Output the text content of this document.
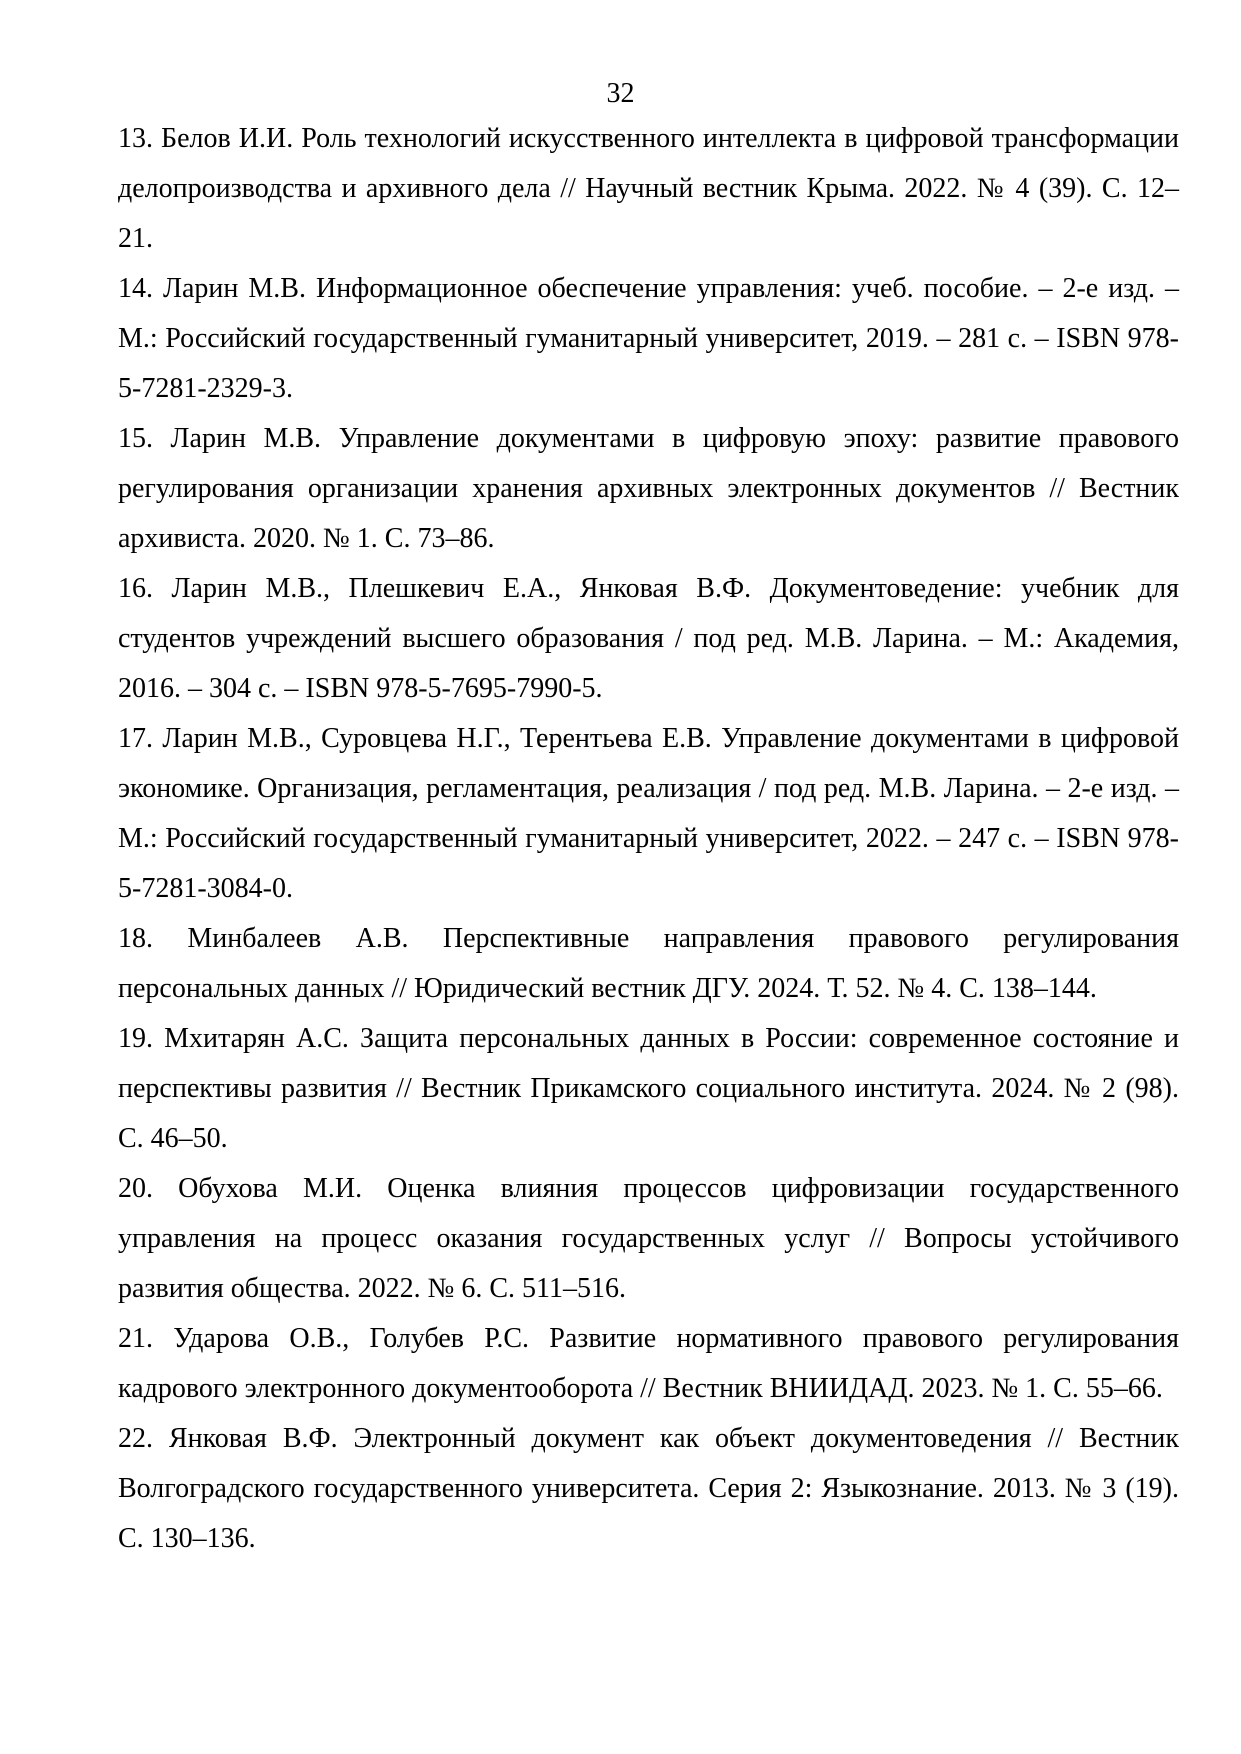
32
13. Белов И.И. Роль технологий искусственного интеллекта в цифровой трансформации делопроизводства и архивного дела // Научный вестник Крыма. 2022. № 4 (39). С. 12–21.
14. Ларин М.В. Информационное обеспечение управления: учеб. пособие. – 2-е изд. – М.: Российский государственный гуманитарный университет, 2019. – 281 с. – ISBN 978-5-7281-2329-3.
15. Ларин М.В. Управление документами в цифровую эпоху: развитие правового регулирования организации хранения архивных электронных документов // Вестник архивиста. 2020. № 1. С. 73–86.
16. Ларин М.В., Плешкевич Е.А., Янковая В.Ф. Документоведение: учебник для студентов учреждений высшего образования / под ред. М.В. Ларина. – М.: Академия, 2016. – 304 с. – ISBN 978-5-7695-7990-5.
17. Ларин М.В., Суровцева Н.Г., Терентьева Е.В. Управление документами в цифровой экономике. Организация, регламентация, реализация / под ред. М.В. Ларина. – 2-е изд. – М.: Российский государственный гуманитарный университет, 2022. – 247 с. – ISBN 978-5-7281-3084-0.
18. Минбалеев А.В. Перспективные направления правового регулирования персональных данных // Юридический вестник ДГУ. 2024. Т. 52. № 4. С. 138–144.
19. Мхитарян А.С. Защита персональных данных в России: современное состояние и перспективы развития // Вестник Прикамского социального института. 2024. № 2 (98). С. 46–50.
20. Обухова М.И. Оценка влияния процессов цифровизации государственного управления на процесс оказания государственных услуг // Вопросы устойчивого развития общества. 2022. № 6. С. 511–516.
21. Ударова О.В., Голубев Р.С. Развитие нормативного правового регулирования кадрового электронного документооборота // Вестник ВНИИДАД. 2023. № 1. С. 55–66.
22. Янковая В.Ф. Электронный документ как объект документоведения // Вестник Волгоградского государственного университета. Серия 2: Языкознание. 2013. № 3 (19). С. 130–136.
